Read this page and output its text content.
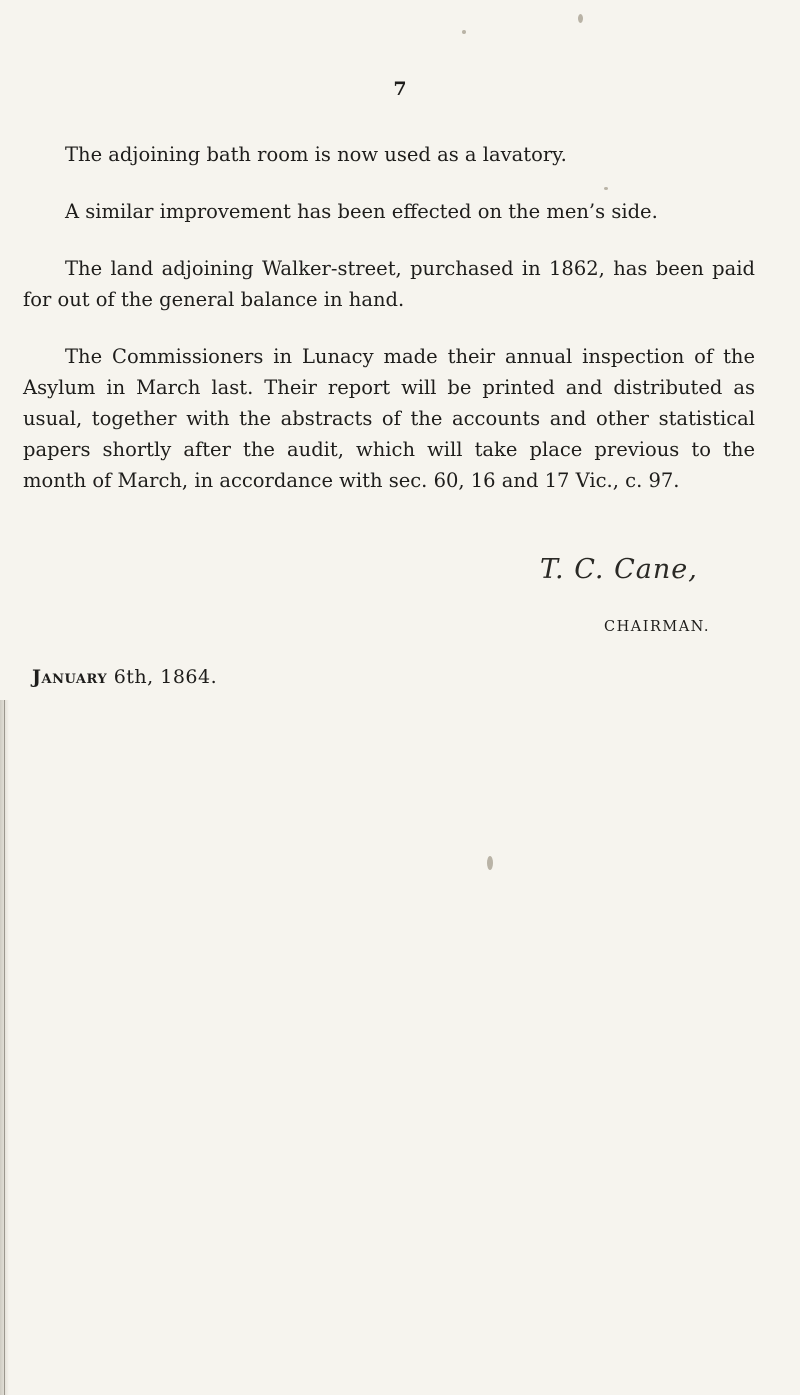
7

The adjoining bath room is now used as a lavatory.

A similar improvement has been effected on the men’s side.

The land adjoining Walker-street, purchased in 1862, has been paid for out of the general balance in hand.

The Commissioners in Lunacy made their annual inspection of the Asylum in March last. Their report will be printed and distributed as usual, together with the abstracts of the accounts and other statistical papers shortly after the audit, which will take place previous to the month of March, in accordance with sec. 60, 16 and 17 Vic., c. 97.

T. C. Cane,
CHAIRMAN.
January 6th, 1864.
